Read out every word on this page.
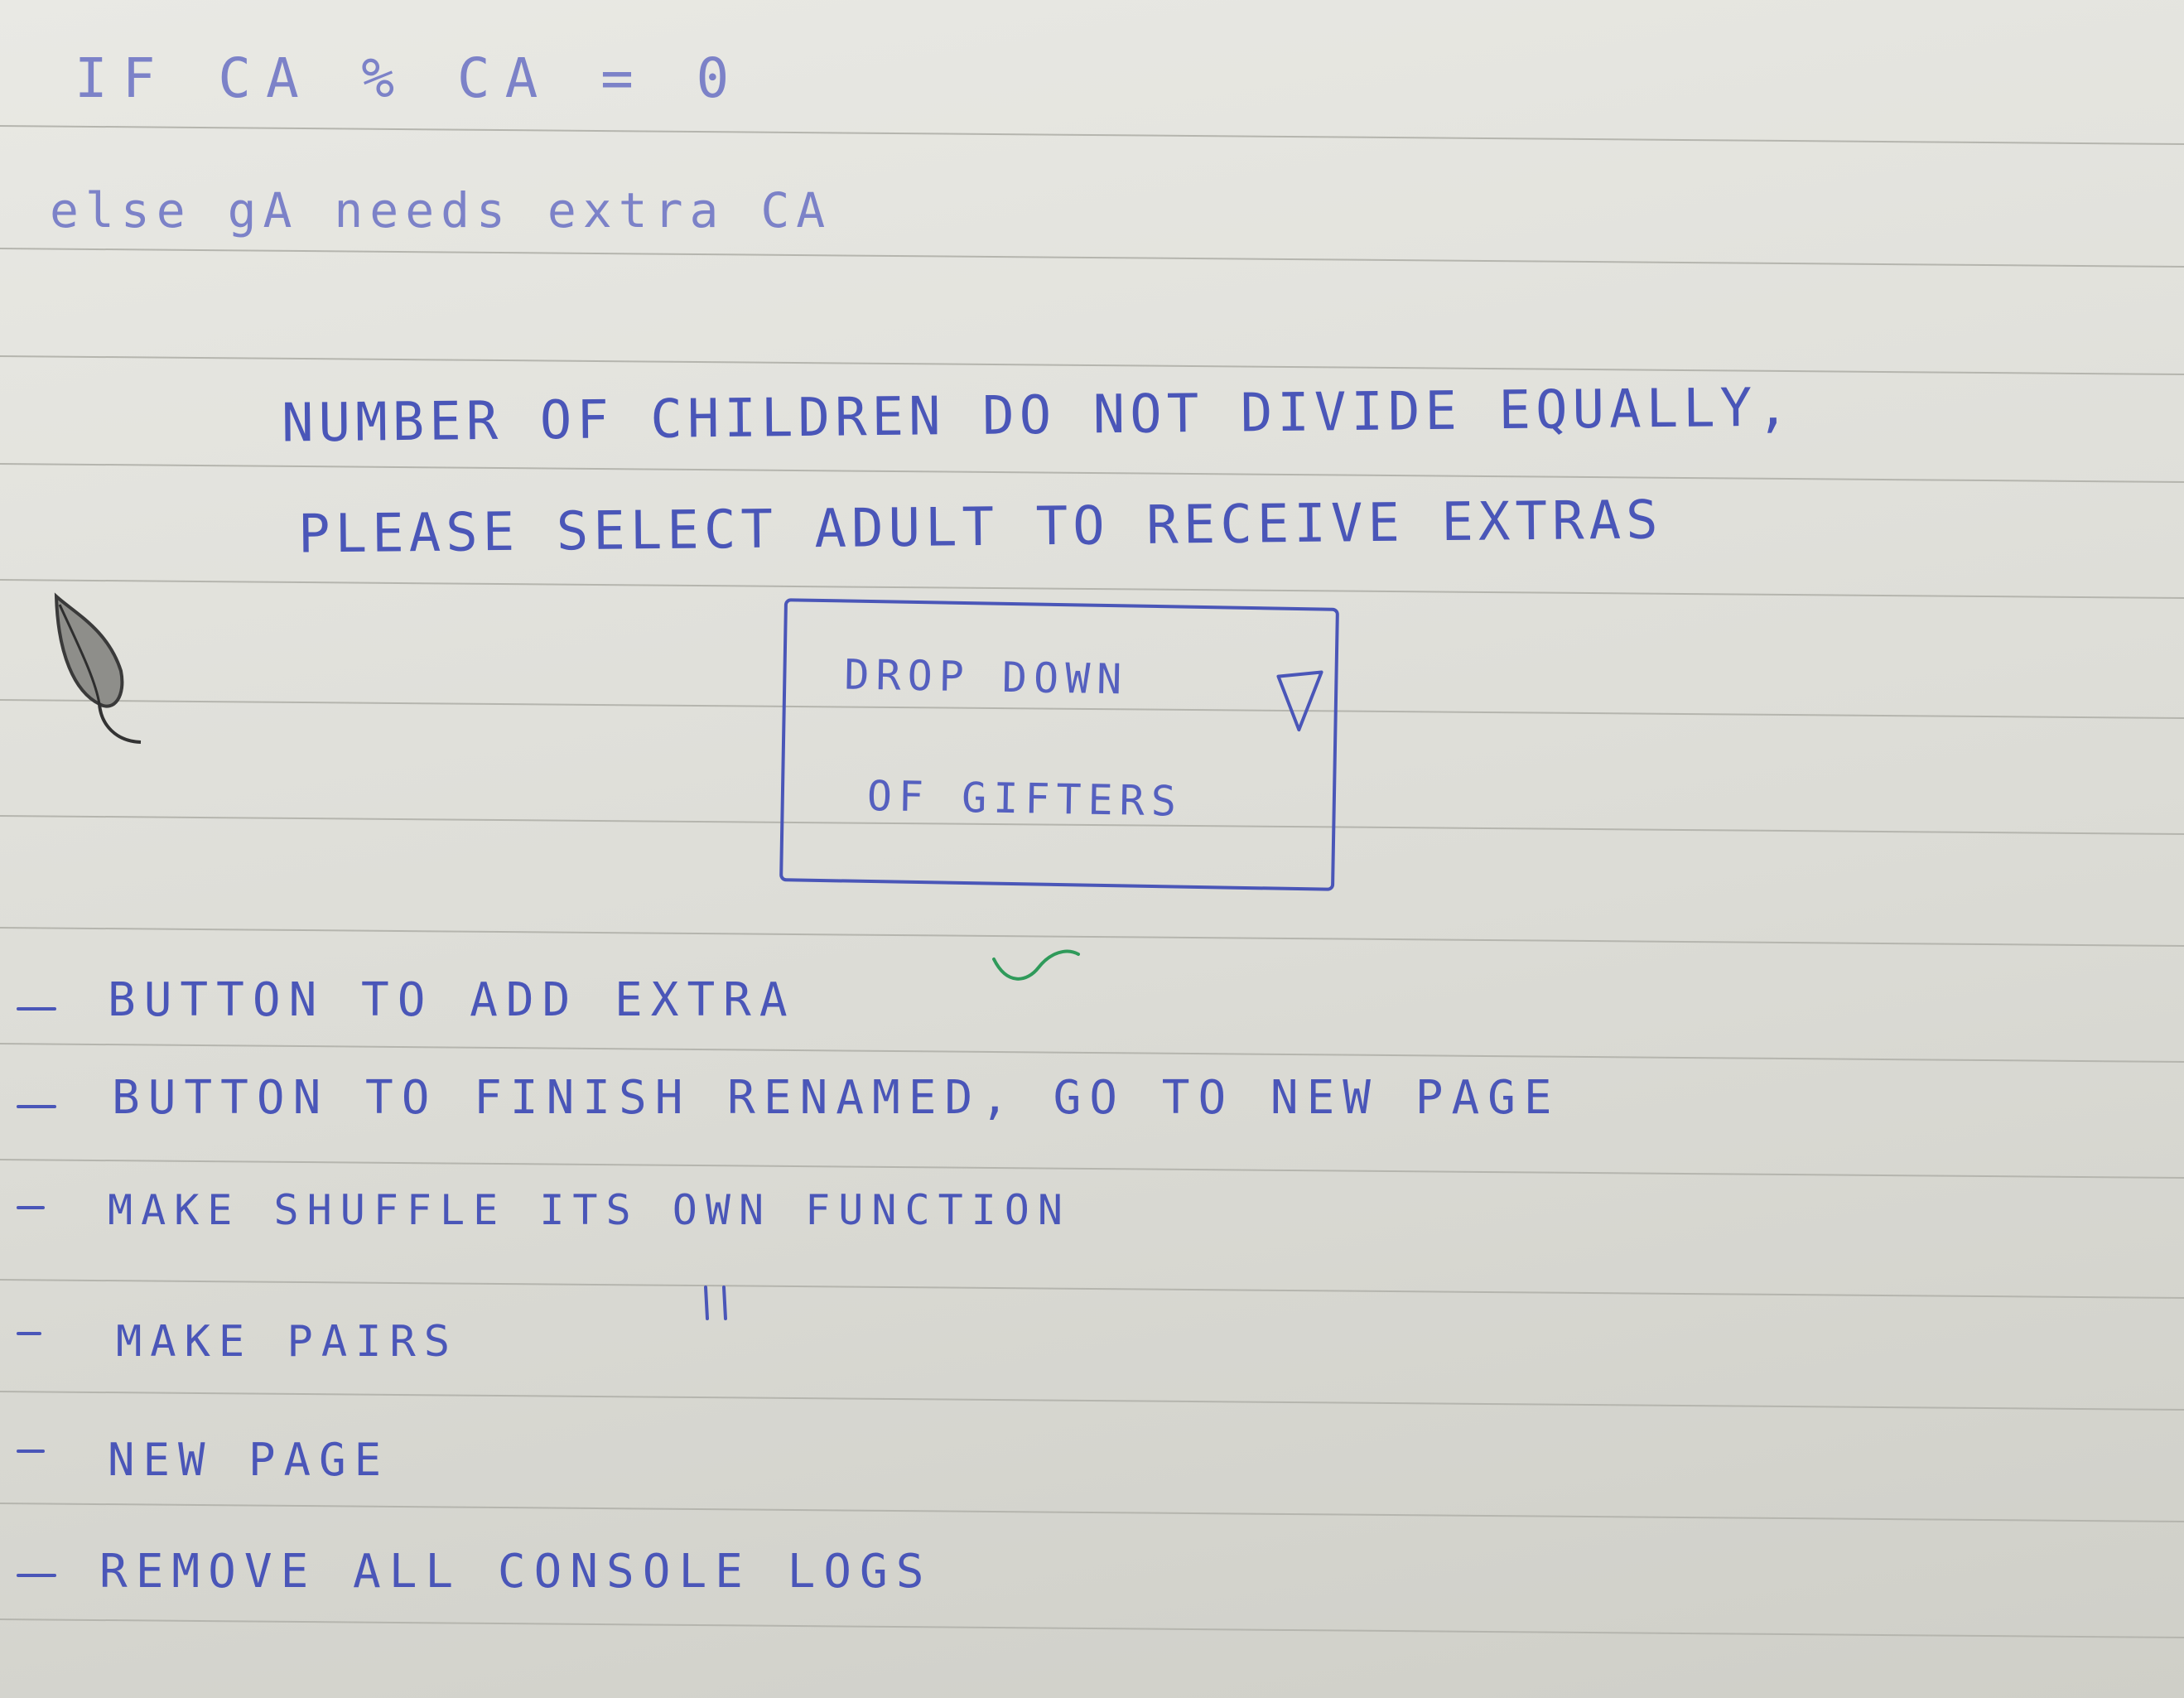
IF CA % CA = 0

else gA needs extra CA

NUMBER OF CHILDREN DO NOT DIVIDE EQUALLY,

PLEASE SELECT ADULT TO RECEIVE EXTRAS

DROP DOWN

OF GIFTERS

BUTTON TO ADD EXTRA

BUTTON TO FINISH RENAMED, GO TO NEW PAGE

MAKE SHUFFLE ITS OWN FUNCTION

MAKE PAIRS

NEW PAGE

REMOVE ALL CONSOLE LOGS
